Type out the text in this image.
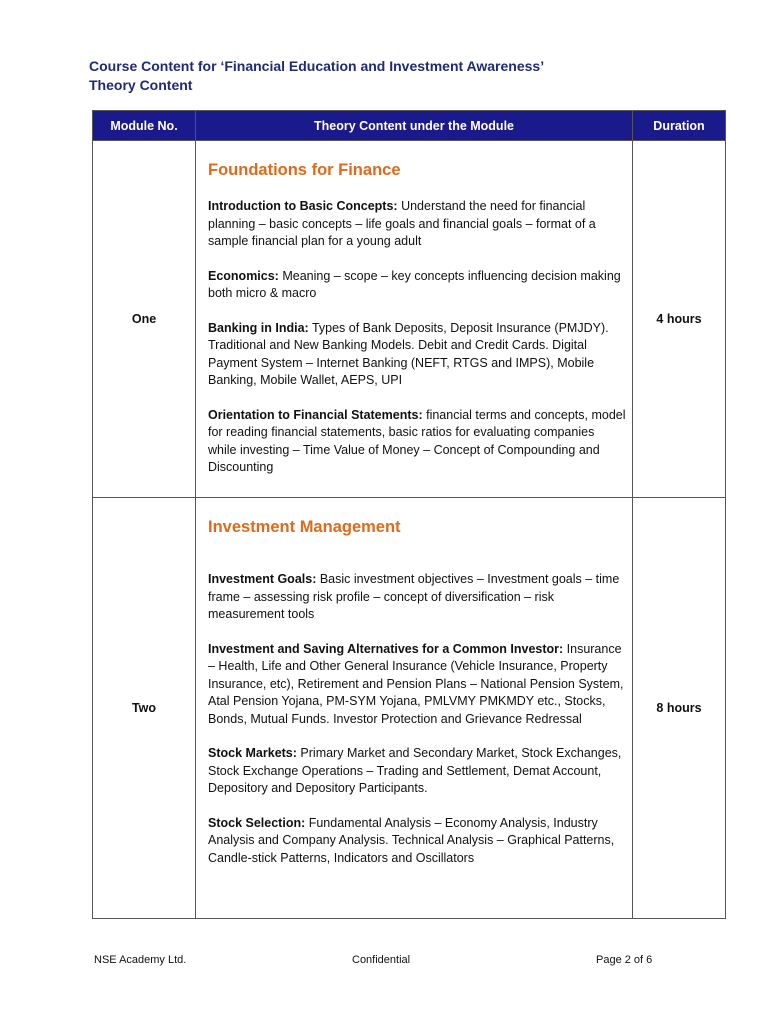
Course Content for ‘Financial Education and Investment Awareness’
Theory Content
Module No.	Theory Content under the Module	Duration
One	Foundations for Finance
Introduction to Basic Concepts: Understand the need for financial planning – basic concepts – life goals and financial goals – format of a sample financial plan for a young adult
Economics: Meaning – scope – key concepts influencing decision making both micro & macro
Banking in India: Types of Bank Deposits, Deposit Insurance (PMJDY). Traditional and New Banking Models. Debit and Credit Cards. Digital Payment System – Internet Banking (NEFT, RTGS and IMPS), Mobile Banking, Mobile Wallet, AEPS, UPI
Orientation to Financial Statements: financial terms and concepts, model for reading financial statements, basic ratios for evaluating companies while investing – Time Value of Money – Concept of Compounding and Discounting	4 hours
Two	Investment Management
Investment Goals: Basic investment objectives – Investment goals – time frame – assessing risk profile – concept of diversification – risk measurement tools
Investment and Saving Alternatives for a Common Investor: Insurance – Health, Life and Other General Insurance (Vehicle Insurance, Property Insurance, etc), Retirement and Pension Plans – National Pension System, Atal Pension Yojana, PM-SYM Yojana, PMLVMY PMKMDY etc., Stocks, Bonds, Mutual Funds. Investor Protection and Grievance Redressal
Stock Markets: Primary Market and Secondary Market, Stock Exchanges, Stock Exchange Operations – Trading and Settlement, Demat Account, Depository and Depository Participants.
Stock Selection: Fundamental Analysis – Economy Analysis, Industry Analysis and Company Analysis. Technical Analysis – Graphical Patterns, Candle-stick Patterns, Indicators and Oscillators	8 hours
NSE Academy Ltd.	Confidential	Page 2 of 6
